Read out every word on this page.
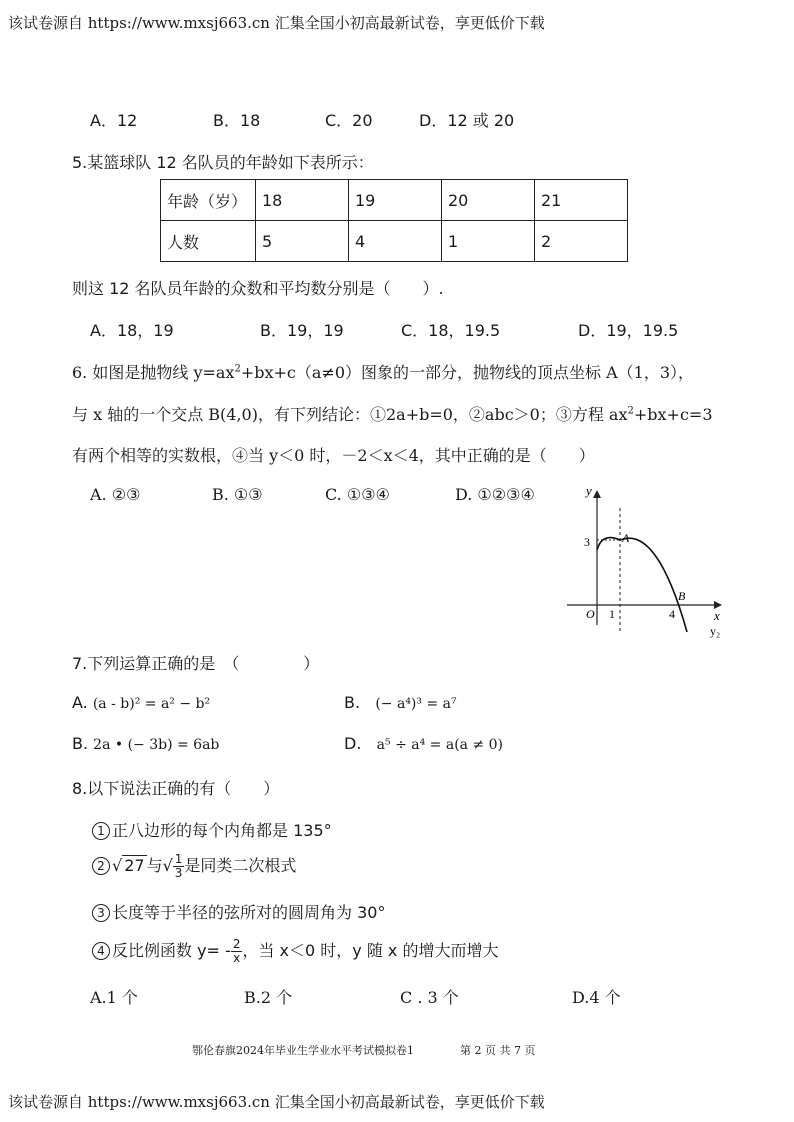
该试卷源自 https://www.mxsj663.cn 汇集全国小初高最新试卷，享更低价下载
A．12	B．18	C．20	D．12 或 20
5.某篮球队 12 名队员的年龄如下表所示：
年龄（岁）	18	19	20	21
人数	5	4	1	2
则这 12 名队员年龄的众数和平均数分别是（　　）.
A．18，19	B．19，19	C．18，19.5	D．19，19.5
6. 如图是抛物线 $y=ax^2+bx+c(a\ne 0)$图象的一部分，抛物线的顶点坐标 A（1，3），
与 x 轴的一个交点 B(4,0)，有下列结论：①2a+b=0，②abc＞0；③方程 $ax^2+bx+c=3$
有两个相等的实数根，④当 y＜0 时，－2＜x＜4，其中正确的是（　　）
A. ②③	B. ①③	C. ①③④	D. ①②③④	y
x
O 1	4
3	A
B
y₂
7.下列运算正确的是　（　　　　）
A. (a - b)² = a² − b²	B. (− a⁴)³ = a⁷
B. 2a • (− 3b) = 6ab	D. a⁵ ÷ a⁴ = a(a ≠ 0)
8.以下说法正确的有（　　）
1 正八边形的每个内角都是 135°
2 √ 27 与√ $\frac{1}{3}$ 是同类二次根式
3 长度等于半径的弦所对的圆周角为 30°
4 反比例函数 $y= - \frac{2}{x}$ ，当 x＜0 时，y 随 x 的增大而增大
A.1 个	B.2 个	C . 3 个	D.4 个
鄂伦春旗2024年毕业生学业水平考试模拟卷1	第 2 页 共 7 页
该试卷源自 https://www.mxsj663.cn 汇集全国小初高最新试卷，享更低价下载
